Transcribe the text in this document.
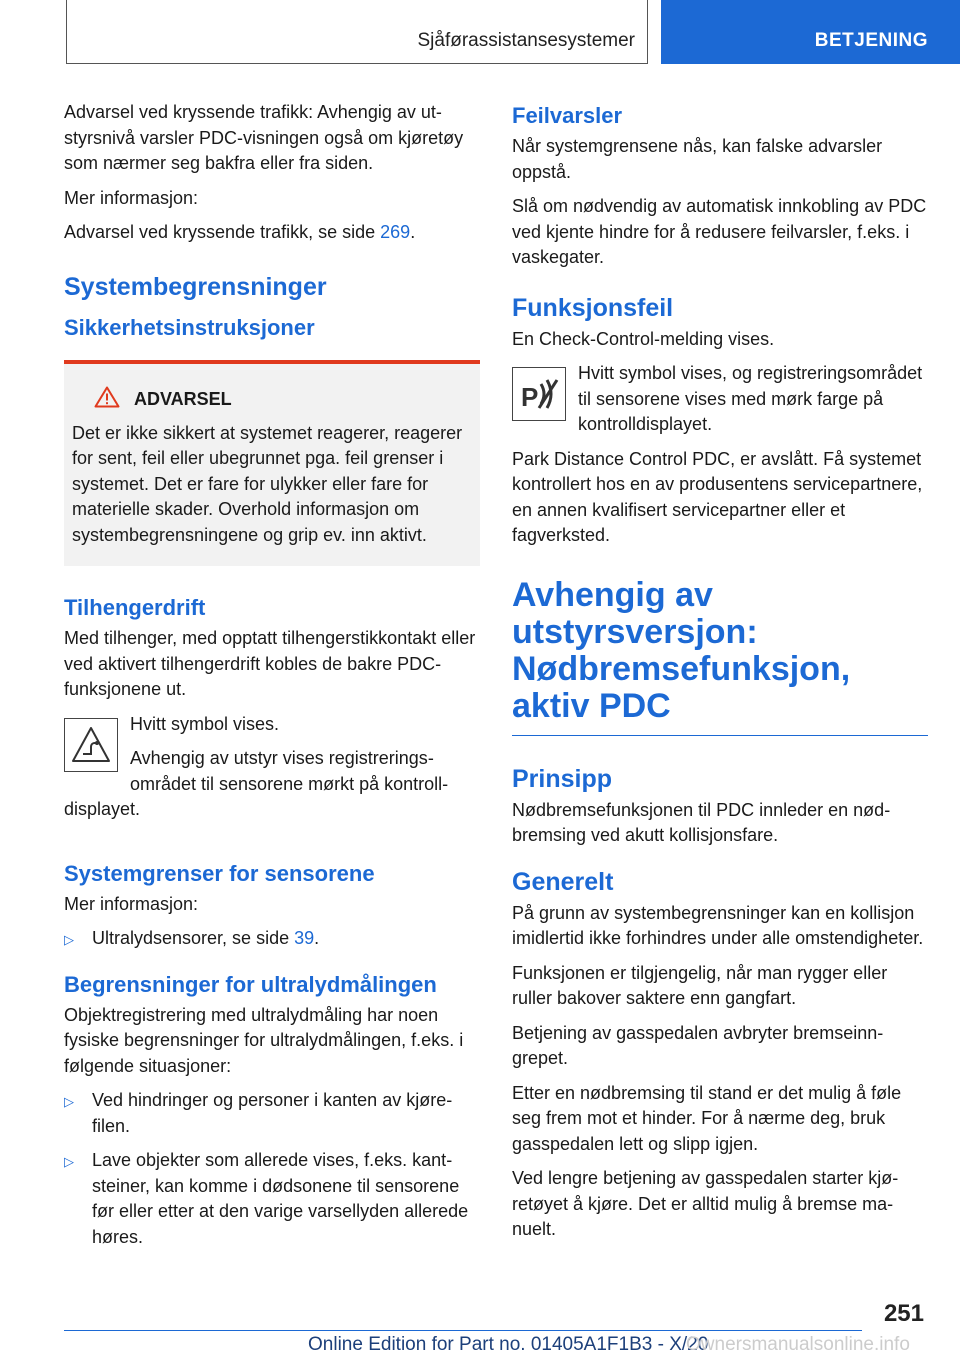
Sjåførassistansesystemer	BETJENING

Advarsel ved kryssende trafikk: Avhengig av utstyrsnivå varsler PDC-visningen også om kjøretøy som nærmer seg bakfra eller fra siden.

Mer informasjon:

Advarsel ved kryssende trafikk, se side 269.

Systembegrensninger
Sikkerhetsinstruksjoner
ADVARSEL

Det er ikke sikkert at systemet reagerer, reagerer for sent, feil eller ubegrunnet pga. feil grenser i systemet. Det er fare for ulykker eller fare for materielle skader. Overhold informasjon om systembegrensningene og grip ev. inn aktivt.

Tilhengerdrift

Med tilhenger, med opptatt tilhengerstikkontakt eller ved aktivert tilhengerdrift kobles de bakre PDC-funksjonene ut.

Hvitt symbol vises.

Avhengig av utstyr vises registreringsområdet til sensorene mørkt på kontrolldisplayet.

Systemgrenser for sensorene

Mer informasjon:

▷	Ultralydsensorer, se side 39.
Begrensninger for ultralydmålingen

Objektregistrering med ultralydmåling har noen fysiske begrensninger for ultralydmålingen, f.eks. i følgende situasjoner:

▷	Ved hindringer og personer i kanten av kjørefilen.
▷	Lave objekter som allerede vises, f.eks. kantsteiner, kan komme i dødsonene til sensorene før eller etter at den varige varsellyden allerede høres.
Feilvarsler

Når systemgrensene nås, kan falske advarsler oppstå.

Slå om nødvendig av automatisk innkobling av PDC ved kjente hindre for å redusere feilvarsler, f.eks. i vaskegater.

Funksjonsfeil

En Check-Control-melding vises.

P

Hvitt symbol vises, og registreringsområdet til sensorene vises med mørk farge på kontrolldisplayet.

Park Distance Control PDC, er avslått. Få systemet kontrollert hos en av produsentens servicepartnere, en annen kvalifisert servicepartner eller et fagverksted.

Avhengig av utstyrsversjon: Nødbremsefunksjon, aktiv PDC
Prinsipp

Nødbremsefunksjonen til PDC innleder en nødbremsing ved akutt kollisjonsfare.

Generelt

På grunn av systembegrensninger kan en kollisjon imidlertid ikke forhindres under alle omstendigheter.

Funksjonen er tilgjengelig, når man rygger eller ruller bakover saktere enn gangfart.

Betjening av gasspedalen avbryter bremseinngrepet.

Etter en nødbremsing til stand er det mulig å føle seg frem mot et hinder. For å nærme deg, bruk gasspedalen lett og slipp igjen.

Ved lengre betjening av gasspedalen starter kjøretøyet å kjøre. Det er alltid mulig å bremse manuelt.

251
Online Edition for Part no. 01405A1F1B3 - X/20
Ownersmanualsonline.info
